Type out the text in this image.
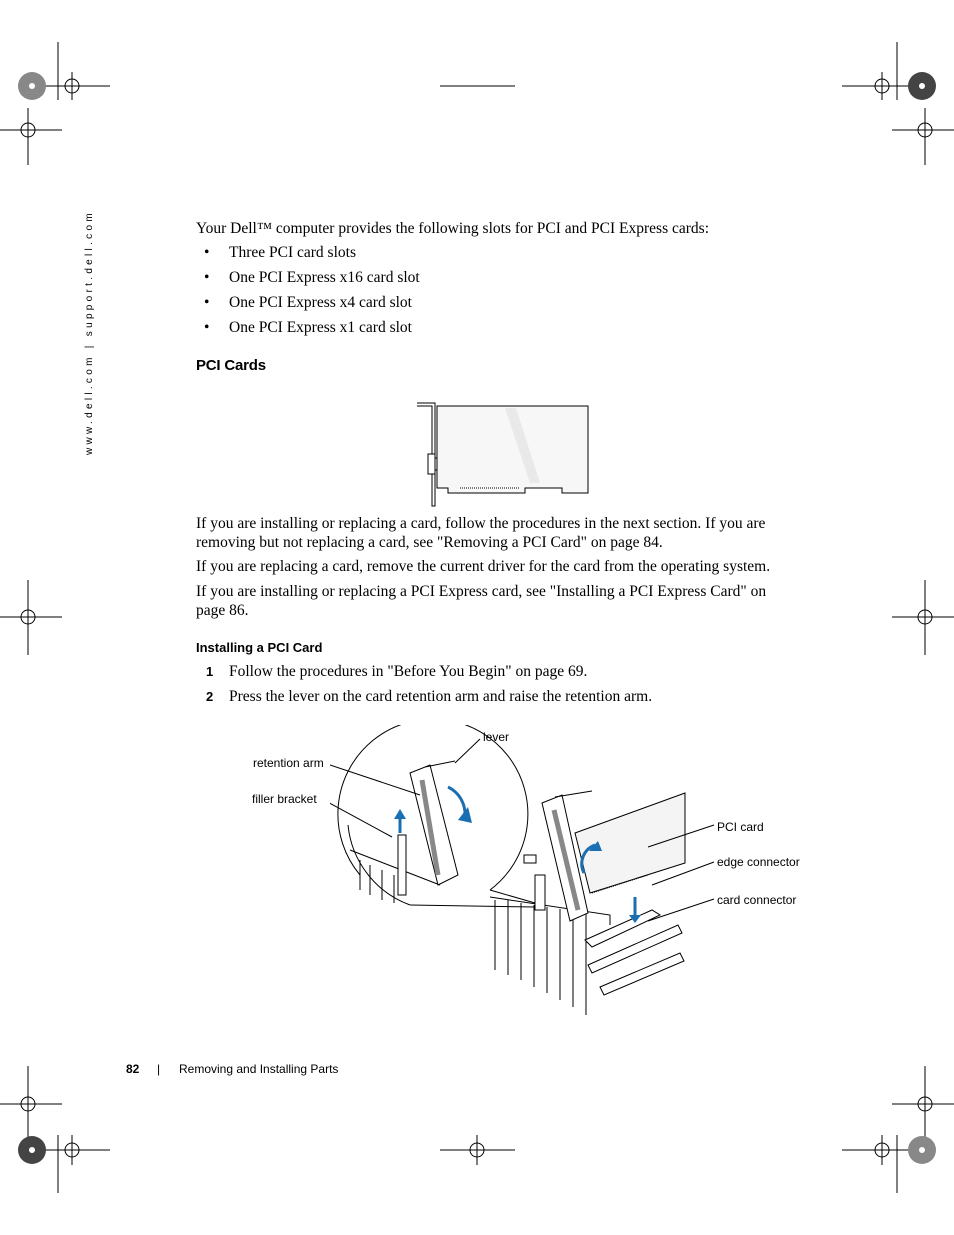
www.dell.com | support.dell.com	Your Dell™ computer provides the following slots for PCI and PCI Express cards:

• Three PCI card slots
• One PCI Express x16 card slot
• One PCI Express x4 card slot
• One PCI Express x1 card slot
PCI Cards

If you are installing or replacing a card, follow the procedures in the next section. If you are removing but not replacing a card, see "Removing a PCI Card" on page 84.

If you are replacing a card, remove the current driver for the card from the operating system.

If you are installing or replacing a PCI Express card, see "Installing a PCI Express Card" on page 86.

Installing a PCI Card
1 Follow the procedures in "Before You Begin" on page 69.
2 Press the lever on the card retention arm and raise the retention arm.
lever
retention arm
filler bracket
PCI card
edge connector
card connector
82 | Removing and Installing Parts
